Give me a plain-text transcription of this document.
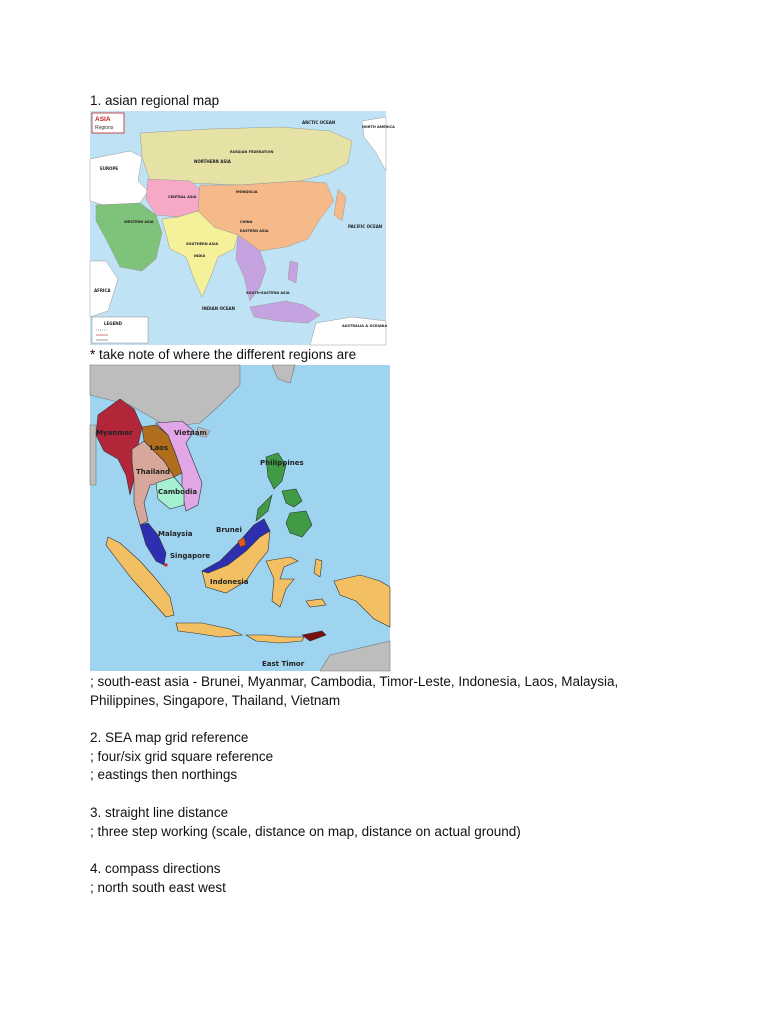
1. asian regional map
ASIA
Regions
ARCTIC OCEAN
NORTH AMERICA
RUSSIAN FEDERATION
NORTHERN ASIA
EUROPE
CENTRAL ASIA
MONGOLIA
WESTERN ASIA	CHINA
EASTERN ASIA
PACIFIC OCEAN
SOUTHERN ASIA
INDIA
AFRICA
INDIAN OCEAN
SOUTH-EASTERN ASIA
AUSTRALIA & OCEANIA
LEGEND
* take note of where the different regions are
Myanmar	Vietnam
Laos
Thailand
Cambodia
Philippines
Malaysia	Brunei
Singapore
Indonesia
East Timor
; south-east asia - Brunei, Myanmar, Cambodia, Timor-Leste, Indonesia, Laos, Malaysia,
Philippines, Singapore, Thailand, Vietnam
2. SEA map grid reference
; four/six grid square reference
; eastings then northings
3. straight line distance
; three step working (scale, distance on map, distance on actual ground)
4. compass directions
; north south east west
